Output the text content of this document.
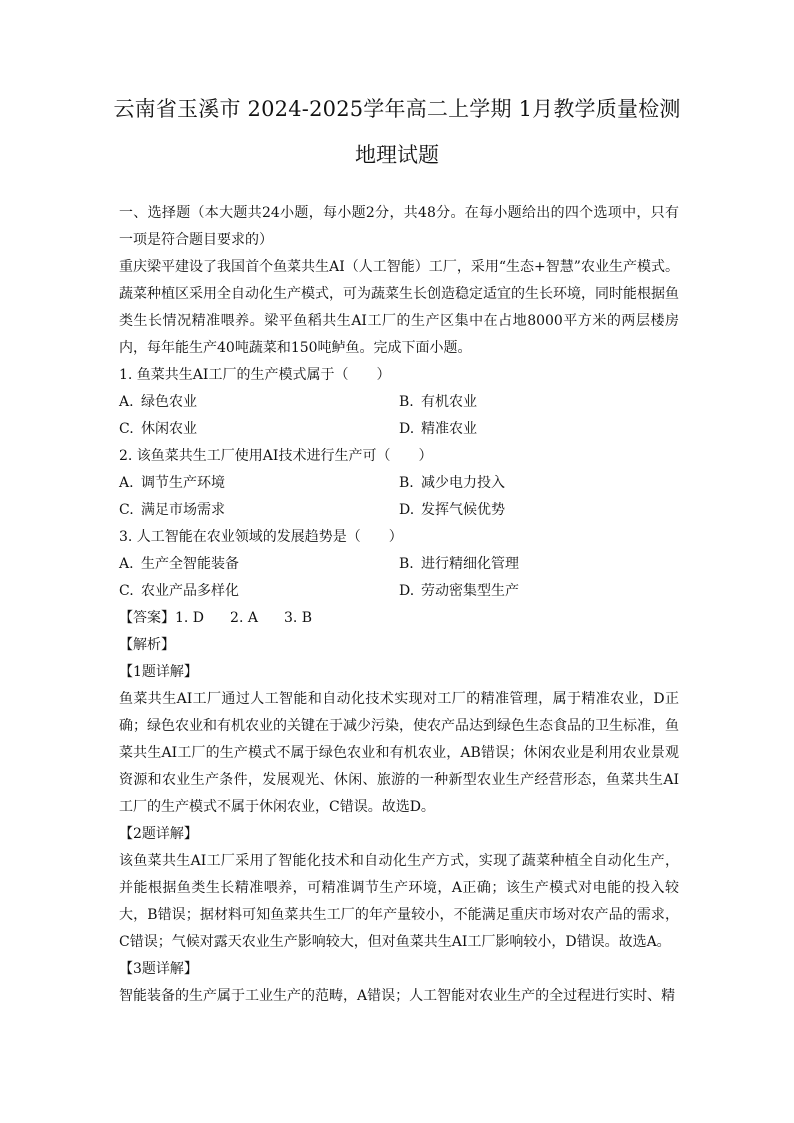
云南省玉溪市 2024-2025学年高二上学期 1月教学质量检测
地理试题

一、选择题（本大题共24小题，每小题2分，共48分。在每小题给出的四个选项中，只有一项是符合题目要求的）

重庆梁平建设了我国首个鱼菜共生AI（人工智能）工厂，采用“生态+智慧”农业生产模式。蔬菜种植区采用全自动化生产模式，可为蔬菜生长创造稳定适宜的生长环境，同时能根据鱼类生长情况精准喂养。梁平鱼稻共生AI工厂的生产区集中在占地8000平方米的两层楼房内，每年能生产40吨蔬菜和150吨鲈鱼。完成下面小题。

1. 鱼菜共生AI工厂的生产模式属于（　　）
A. 绿色农业	B. 有机农业
C. 休闲农业	D. 精准农业
2. 该鱼菜共生工厂使用AI技术进行生产可（　　）
A. 调节生产环境	B. 减少电力投入
C. 满足市场需求	D. 发挥气候优势
3. 人工智能在农业领域的发展趋势是（　　）
A. 生产全智能装备	B. 进行精细化管理
C. 农业产品多样化	D. 劳动密集型生产
【答案】1. D 2. A 3. B
【解析】
【1题详解】

鱼菜共生AI工厂通过人工智能和自动化技术实现对工厂的精准管理，属于精准农业，D正确；绿色农业和有机农业的关键在于减少污染，使农产品达到绿色生态食品的卫生标准，鱼菜共生AI工厂的生产模式不属于绿色农业和有机农业，AB错误；休闲农业是利用农业景观资源和农业生产条件，发展观光、休闲、旅游的一种新型农业生产经营形态，鱼菜共生AI工厂的生产模式不属于休闲农业，C错误。故选D。

【2题详解】

该鱼菜共生AI工厂采用了智能化技术和自动化生产方式，实现了蔬菜种植全自动化生产，并能根据鱼类生长精准喂养，可精准调节生产环境，A正确；该生产模式对电能的投入较大，B错误；据材料可知鱼菜共生工厂的年产量较小，不能满足重庆市场对农产品的需求，C错误；气候对露天农业生产影响较大，但对鱼菜共生AI工厂影响较小，D错误。故选A。

【3题详解】

智能装备的生产属于工业生产的范畴，A错误；人工智能对农业生产的全过程进行实时、精
